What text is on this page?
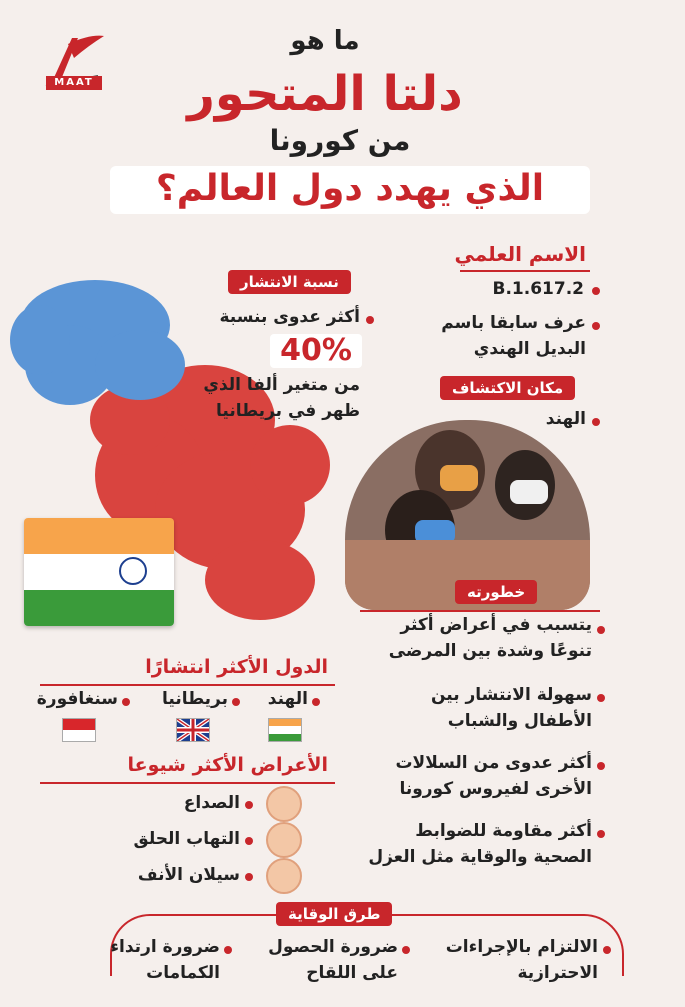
MAAT
ما هو
دلتا المتحور
من كورونا
الذي يهدد دول العالم؟
نسبة الانتشار
أكثر عدوى بنسبة
40%
من متغير ألفا الذي ظهر في بريطانيا
الاسم العلمي
B.1.617.2
عرف سابقا باسم البديل الهندي
مكان الاكتشاف
الهند
خطورته
يتسبب في أعراض أكثر تنوعًا وشدة بين المرضى
سهولة الانتشار بين الأطفال والشباب
أكثر عدوى من السلالات الأخرى لفيروس كورونا
أكثر مقاومة للضوابط الصحية والوقاية مثل العزل
الدول الأكثر انتشارًا
الهند
بريطانيا
سنغافورة
الأعراض الأكثر شيوعا
الصداع
التهاب الحلق
سيلان الأنف
طرق الوقاية
الالتزام بالإجراءات الاحترازية
ضرورة الحصول على اللقاح
ضرورة ارتداء الكمامات
